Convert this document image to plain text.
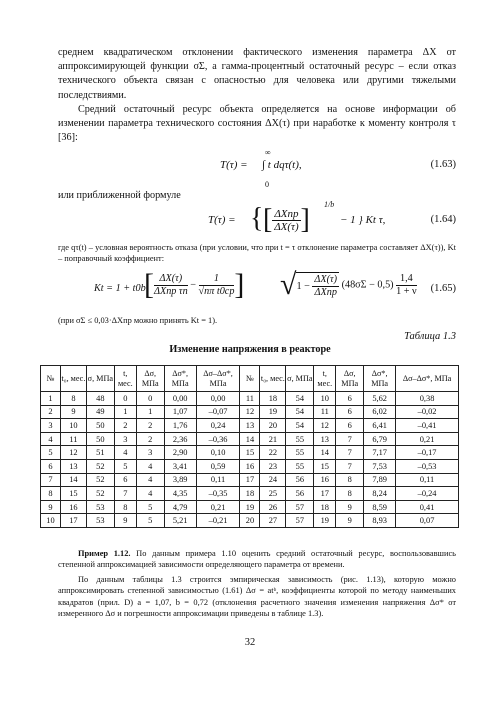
среднем квадратическом отклонении фактического изменения параметра ΔX от аппроксимирующей функции σΣ, а гамма-процентный остаточный ресурс – если отказ технического объекта связан с опасностью для человека или другими тяжелыми последствиями.

Средний остаточный ресурс объекта определяется на основе информации об изменении параметра технического состояния ΔX(τ) при наработке к моменту контроля τ [36]:

T(τ) =
∞
0
∫ t dqτ(t),	(1.63)

или приближенной формуле

T(τ) = { [ $\frac{\text{ΔXпр}}{\Delta X(\tau)}$ ] 1/b
− 1 } Kt τ,	(1.64)

где qτ(t) – условная вероятность отказа (при условии, что при t = τ отклонение параметра составляет ΔX(τ)), Kt – поправочный коэффициент:

Kt = 1 + t0b
[ $\frac{\Delta X(\tau)}{\text{ΔXпр τn}} - \frac{1}{\text{√nπ t0ср}}$ ] $√1 - \frac{\Delta X(\tau)}{\text{ΔXпр}} (48\sigma\Sigma - 0,5) \frac{1,4}{1 + \nu} (1.65)$

(при σΣ ≤ 0,03·ΔXпр можно принять Kt = 1).

Таблица 1.3
Изменение напряжения в реакторе
№	t₀, мес.	σ, МПа	t, мес.	Δσ, МПа	Δσ*, МПа	Δσ–Δσ*, МПа	№	t₀, мес.	σ, МПа	t, мес.	Δσ, МПа	Δσ*, МПа	Δσ–Δσ*, МПа
1	8	48	0	0	0,00	0,00	11	18	54	10	6	5,62	0,38
2	9	49	1	1	1,07	–0,07	12	19	54	11	6	6,02	–0,02
3	10	50	2	2	1,76	0,24	13	20	54	12	6	6,41	–0,41
4	11	50	3	2	2,36	–0,36	14	21	55	13	7	6,79	0,21
5	12	51	4	3	2,90	0,10	15	22	55	14	7	7,17	–0,17
6	13	52	5	4	3,41	0,59	16	23	55	15	7	7,53	–0,53
7	14	52	6	4	3,89	0,11	17	24	56	16	8	7,89	0,11
8	15	52	7	4	4,35	–0,35	18	25	56	17	8	8,24	–0,24
9	16	53	8	5	4,79	0,21	19	26	57	18	9	8,59	0,41
10	17	53	9	5	5,21	–0,21	20	27	57	19	9	8,93	0,07

Пример 1.12. По данным примера 1.10 оценить средний остаточный ресурс, воспользовавшись степенной аппроксимацией зависимости определяющего параметра от времени.

По данным таблицы 1.3 строится эмпирическая зависимость (рис. 1.13), которую можно аппроксимировать степенной зависимостью (1.61) Δσ = atᵇ, коэффициенты которой по методу наименьших квадратов (прил. D) a = 1,07, b = 0,72 (отклонения расчетного значения изменения напряжения Δσ* от измеренного Δσ и погрешности аппроксимации приведены в таблице 1.3).

32
